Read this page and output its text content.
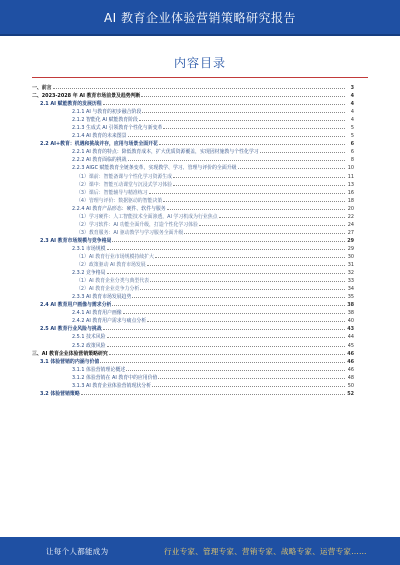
AI 教育企业体验营销策略研究报告
内容目录
一、前言	3
二、2023-2028 年 AI 教育市场前景及趋势判断	4
2.1 AI 赋能教育的发展历程	4
2.1.1 AI 与教育的初步融合阶段	4
2.1.2 智能化 AI 赋能教育阶段	4
2.1.3 生成式 AI 引领教育个性化与新变革	5
2.1.4 AI 教育的未来图景	5
2.2 AI+教育：机遇和挑战并存，应用与场景全面开花	6
2.2.1 AI 教育的特点：降低教育成本，扩大优质资源覆盖，实现因材施教与个性化学习	6
2.2.2 AI 教育面临的挑战	8
2.2.3 AIGC 赋能教育全链条变革，实现教学、学习、管理与评价的全面升级	10
（1）课前：智能备课与个性化学习资源生成	11
（2）课中：智能互动课堂与沉浸式学习体验	13
（3）课后：智能辅导与精准练习	16
（4）管理与评价：数据驱动的智能决策	18
2.2.4 AI 教育产品形态：硬件、软件与服务	20
（1）学习硬件：人工智能技术全面渗透，AI 学习机成为行业焦点	22
（2）学习软件：AI 功能全面升级，打造个性化学习体验	24
（3）教育服务：AI 驱动教学与学习服务全面升级	27
2.3 AI 教育市场规模与竞争格局	29
2.3.1 市场规模	29
（1）AI 教育行业市场规模持续扩大	30
（2）政策驱动 AI 教育市场发展	31
2.3.2 竞争格局	32
（1）AI 教育企业分类与典型代表	33
（2）AI 教育企业竞争力分析	34
2.3.3 AI 教育市场发展趋势	35
2.4 AI 教育用户画像与需求分析	38
2.4.1 AI 教育用户画像	38
2.4.2 AI 教育用户需求与痛点分析	40
2.5 AI 教育行业风险与挑战	43
2.5.1 技术风险	44
2.5.2 政策风险	45
三、AI 教育企业体验营销策略研究	46
3.1 体验营销的内涵与价值	46
3.1.1 体验营销理论概述	46
3.1.2 体验营销在 AI 教育中的应用价值	48
3.1.3 AI 教育企业体验营销现状分析	50
3.2 体验营销策略	52
让每个人都能成为	行业专家、管理专家、营销专家、战略专家、运营专家……
